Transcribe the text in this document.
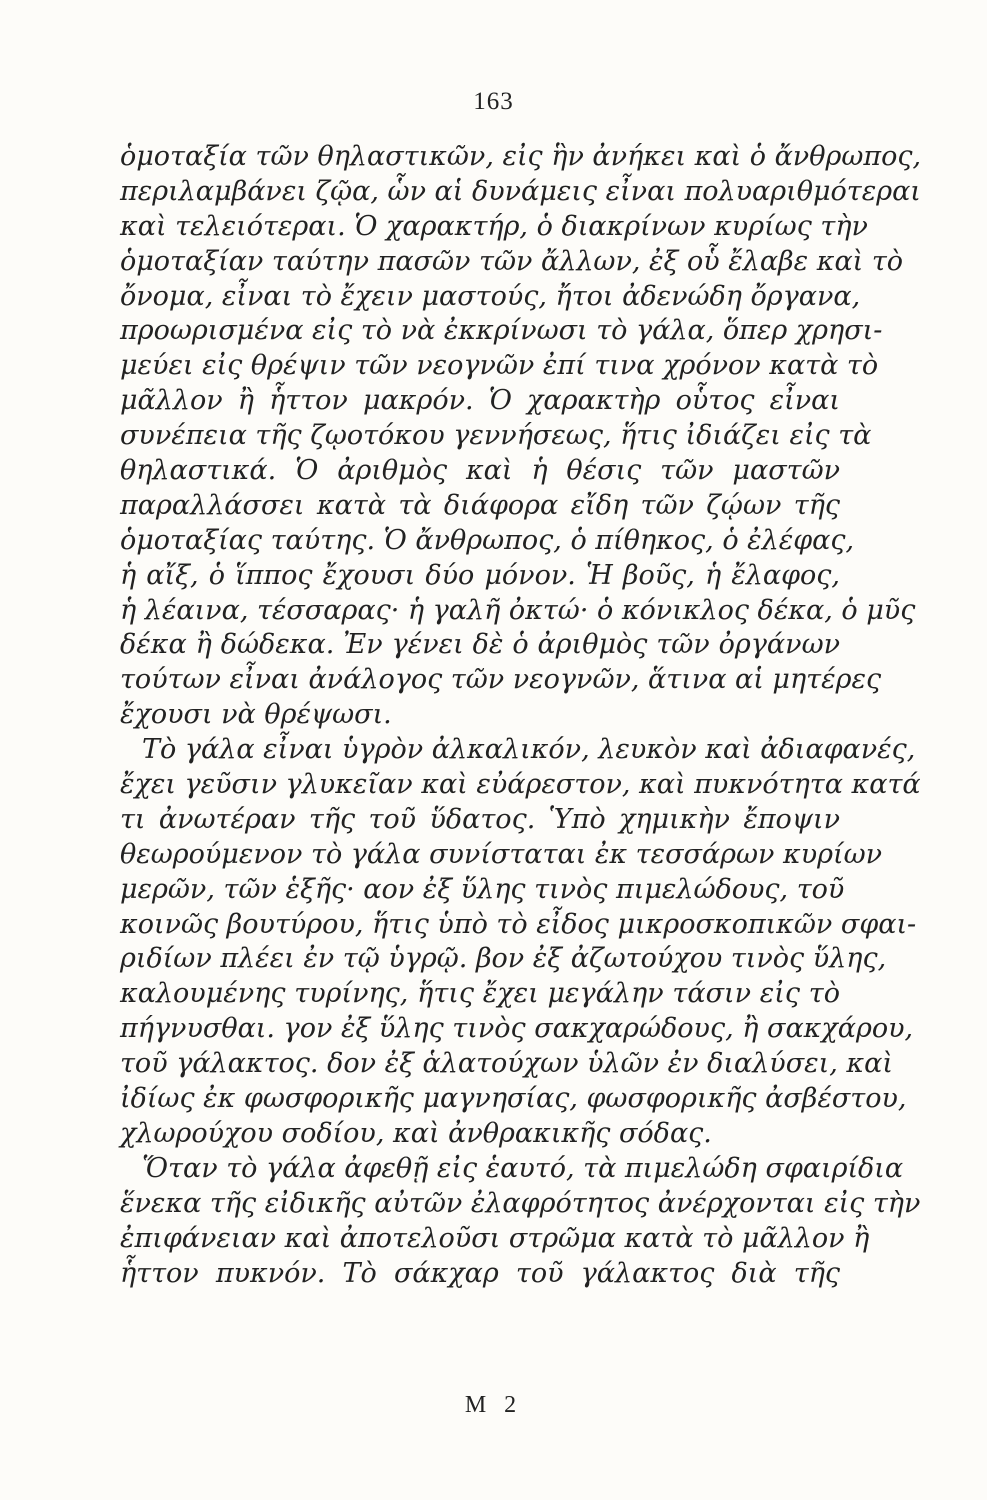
163
ὁμοταξία τῶν θηλαστικῶν, εἰς ἣν ἀνήκει καὶ ὁ ἄνθρωπος,
περιλαμβάνει ζῷα, ὧν αἱ δυνάμεις εἶναι πολυαριθμότεραι
καὶ τελειότεραι. Ὁ χαρακτήρ, ὁ διακρίνων κυρίως τὴν
ὁμοταξίαν ταύτην πασῶν τῶν ἄλλων, ἐξ οὗ ἔλαβε καὶ τὸ
ὄνομα, εἶναι τὸ ἔχειν μαστούς, ἤτοι ἀδενώδη ὄργανα,
προωρισμένα εἰς τὸ νὰ ἐκκρίνωσι τὸ γάλα, ὅπερ χρησι-
μεύει εἰς θρέψιν τῶν νεογνῶν ἐπί τινα χρόνον κατὰ τὸ
μᾶλλον ἢ ἧττον μακρόν. Ὁ χαρακτὴρ οὗτος εἶναι
συνέπεια τῆς ζῳοτόκου γεννήσεως, ἥτις ἰδιάζει εἰς τὰ
θηλαστικά. Ὁ ἀριθμὸς καὶ ἡ θέσις τῶν μαστῶν
παραλλάσσει κατὰ τὰ διάφορα εἴδη τῶν ζῴων τῆς
ὁμοταξίας ταύτης. Ὁ ἄνθρωπος, ὁ πίθηκος, ὁ ἐλέφας,
ἡ αἴξ, ὁ ἵππος ἔχουσι δύο μόνον. Ἡ βοῦς, ἡ ἔλαφος,
ἡ λέαινα, τέσσαρας· ἡ γαλῆ ὀκτώ· ὁ κόνικλος δέκα, ὁ μῦς
δέκα ἢ δώδεκα. Ἐν γένει δὲ ὁ ἀριθμὸς τῶν ὀργάνων
τούτων εἶναι ἀνάλογος τῶν νεογνῶν, ἅτινα αἱ μητέρες
ἔχουσι νὰ θρέψωσι.
Τὸ γάλα εἶναι ὑγρὸν ἀλκαλικόν, λευκὸν καὶ ἀδιαφανές,
ἔχει γεῦσιν γλυκεῖαν καὶ εὐάρεστον, καὶ πυκνότητα κατά
τι ἀνωτέραν τῆς τοῦ ὕδατος. Ὑπὸ χημικὴν ἔποψιν
θεωρούμενον τὸ γάλα συνίσταται ἐκ τεσσάρων κυρίων
μερῶν, τῶν ἑξῆς· αον ἐξ ὕλης τινὸς πιμελώδους, τοῦ
κοινῶς βουτύρου, ἥτις ὑπὸ τὸ εἶδος μικροσκοπικῶν σφαι-
ριδίων πλέει ἐν τῷ ὑγρῷ. βον ἐξ ἀζωτούχου τινὸς ὕλης,
καλουμένης τυρίνης, ἥτις ἔχει μεγάλην τάσιν εἰς τὸ
πήγνυσθαι. γον ἐξ ὕλης τινὸς σακχαρώδους, ἢ σακχάρου,
τοῦ γάλακτος. δον ἐξ ἁλατούχων ὑλῶν ἐν διαλύσει, καὶ
ἰδίως ἐκ φωσφορικῆς μαγνησίας, φωσφορικῆς ἀσβέστου,
χλωρούχου σοδίου, καὶ ἀνθρακικῆς σόδας.
Ὅταν τὸ γάλα ἀφεθῇ εἰς ἑαυτό, τὰ πιμελώδη σφαιρίδια
ἕνεκα τῆς εἰδικῆς αὐτῶν ἐλαφρότητος ἀνέρχονται εἰς τὴν
ἐπιφάνειαν καὶ ἀποτελοῦσι στρῶμα κατὰ τὸ μᾶλλον ἢ
ἧττον πυκνόν. Τὸ σάκχαρ τοῦ γάλακτος διὰ τῆς
Μ 2
